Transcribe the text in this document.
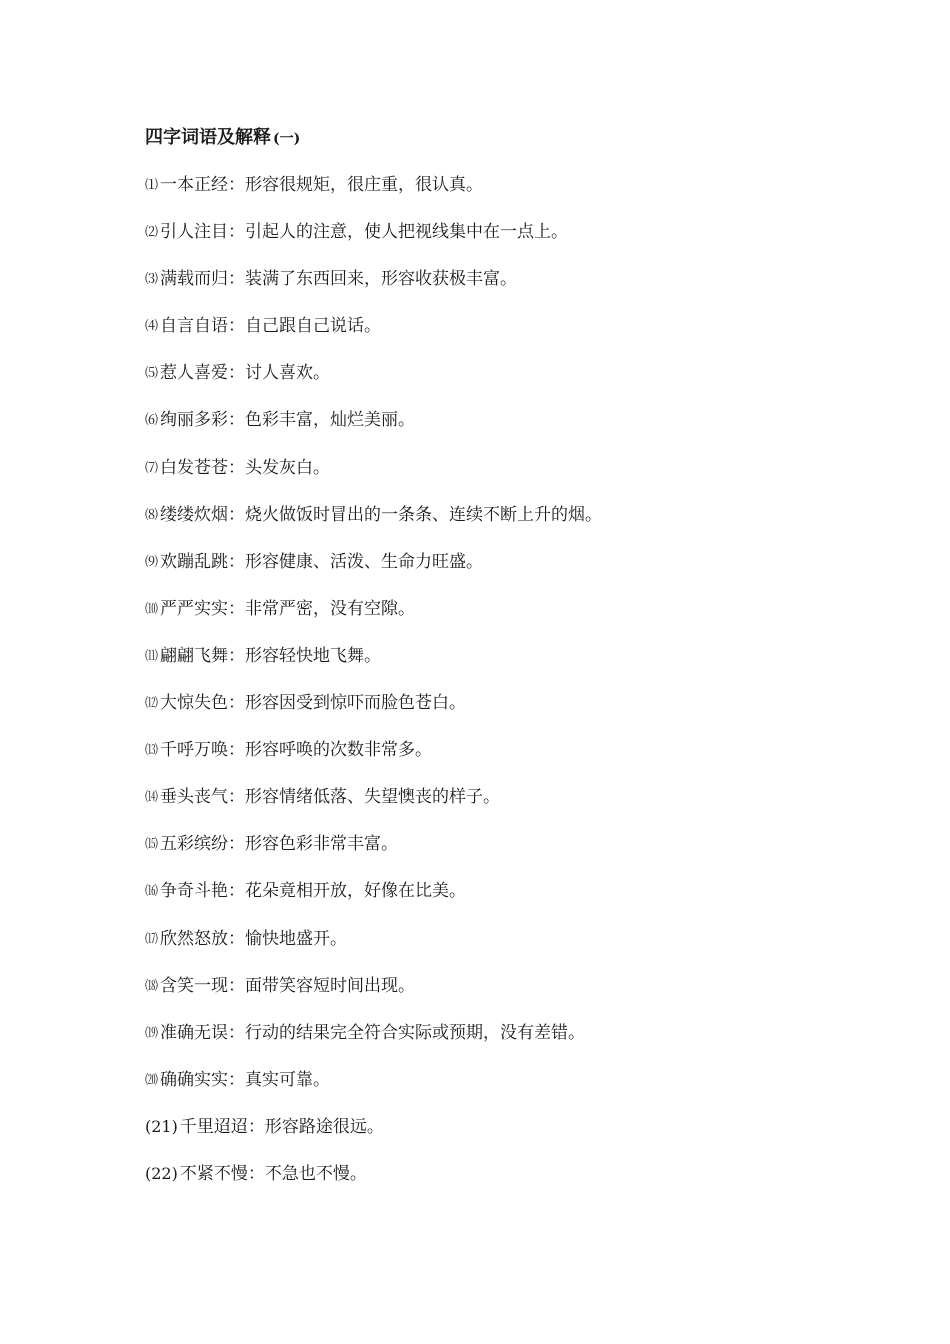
四字词语及解释 (一)
⑴ 一本正经：形容很规矩，很庄重，很认真。
⑵ 引人注目：引起人的注意，使人把视线集中在一点上。
⑶ 满载而归：装满了东西回来，形容收获极丰富。
⑷ 自言自语：自己跟自己说话。
⑸ 惹人喜爱：讨人喜欢。
⑹ 绚丽多彩：色彩丰富，灿烂美丽。
⑺ 白发苍苍：头发灰白。
⑻ 缕缕炊烟：烧火做饭时冒出的一条条、连续不断上升的烟。
⑼ 欢蹦乱跳：形容健康、活泼、生命力旺盛。
⑽ 严严实实：非常严密，没有空隙。
⑾ 翩翩飞舞：形容轻快地飞舞。
⑿ 大惊失色：形容因受到惊吓而脸色苍白。
⒀ 千呼万唤：形容呼唤的次数非常多。
⒁ 垂头丧气：形容情绪低落、失望懊丧的样子。
⒂ 五彩缤纷：形容色彩非常丰富。
⒃ 争奇斗艳：花朵竟相开放，好像在比美。
⒄ 欣然怒放：愉快地盛开。
⒅ 含笑一现：面带笑容短时间出现。
⒆ 准确无误：行动的结果完全符合实际或预期，没有差错。
⒇ 确确实实：真实可靠。
(21) 千里迢迢：形容路途很远。
(22) 不紧不慢：不急也不慢。
